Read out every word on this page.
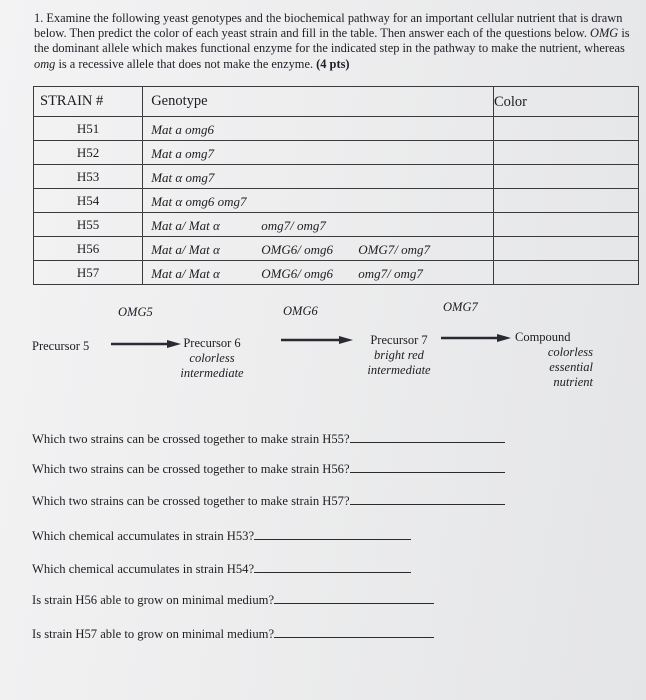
1. Examine the following yeast genotypes and the biochemical pathway for an important cellular nutrient that is drawn below. Then predict the color of each yeast strain and fill in the table. Then answer each of the questions below. OMG is the dominant allele which makes functional enzyme for the indicated step in the pathway to make the nutrient, whereas omg is a recessive allele that does not make the enzyme. (4 pts)
STRAIN #	Genotype	Color
H51	Mat a omg6	

H52	Mat a omg7	

H53	Mat α omg7	

H54	Mat α omg6 omg7	

H55	Mat a/ Mat α omg7/ omg7	

H56	Mat a/ Mat α OMG6/ omg6 OMG7/ omg7	

H57	Mat a/ Mat α OMG6/ omg6 omg7/ omg7	

OMG5	OMG6	OMG7
Precursor 5	Precursor 6
colorless
intermediate
Precursor 7
bright red
intermediate
Compound
colorless
essential
nutrient
Which two strains can be crossed together to make strain H55?
Which two strains can be crossed together to make strain H56?
Which two strains can be crossed together to make strain H57?
Which chemical accumulates in strain H53?
Which chemical accumulates in strain H54?
Is strain H56 able to grow on minimal medium?
Is strain H57 able to grow on minimal medium?
